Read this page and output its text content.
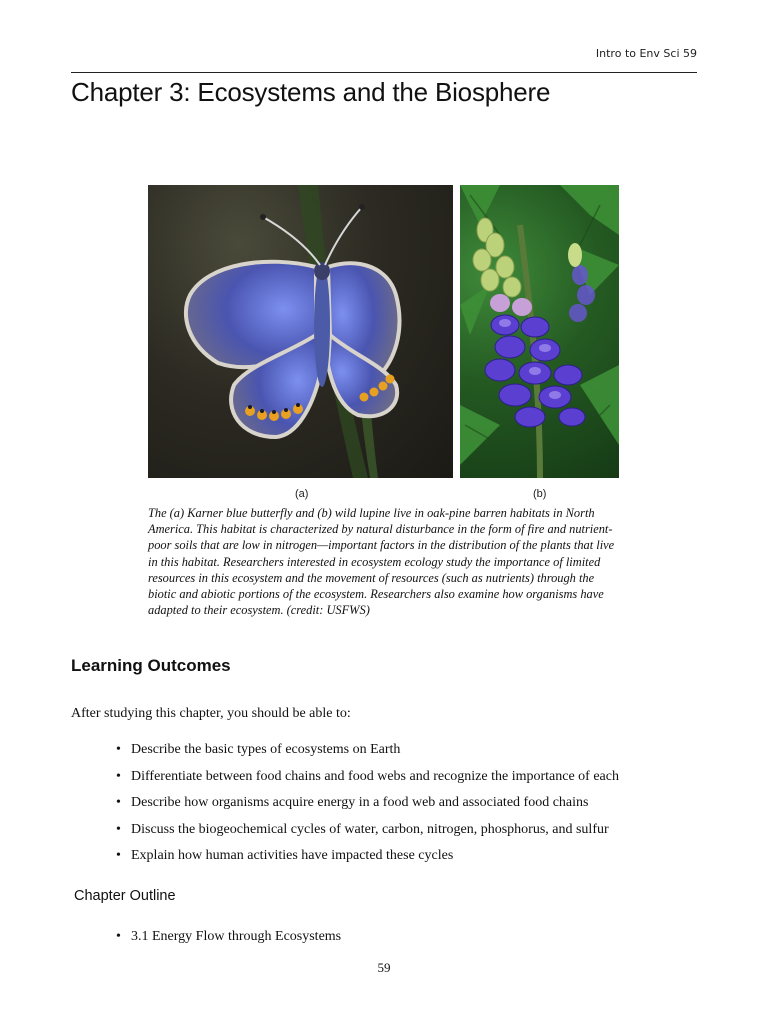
Intro to Env Sci 59
Chapter 3: Ecosystems and the Biosphere
(a)	(b)

The (a) Karner blue butterfly and (b) wild lupine live in oak-pine barren habitats in North America. This habitat is characterized by natural disturbance in the form of fire and nutrient-poor soils that are low in nitrogen—important factors in the distribution of the plants that live in this habitat. Researchers interested in ecosystem ecology study the importance of limited resources in this ecosystem and the movement of resources (such as nutrients) through the biotic and abiotic portions of the ecosystem. Researchers also examine how organisms have adapted to their ecosystem. (credit: USFWS)

Learning Outcomes

After studying this chapter, you should be able to:

• Describe the basic types of ecosystems on Earth
• Differentiate between food chains and food webs and recognize the importance of each
• Describe how organisms acquire energy in a food web and associated food chains
• Discuss the biogeochemical cycles of water, carbon, nitrogen, phosphorus, and sulfur
• Explain how human activities have impacted these cycles
Chapter Outline
• 3.1 Energy Flow through Ecosystems
59
